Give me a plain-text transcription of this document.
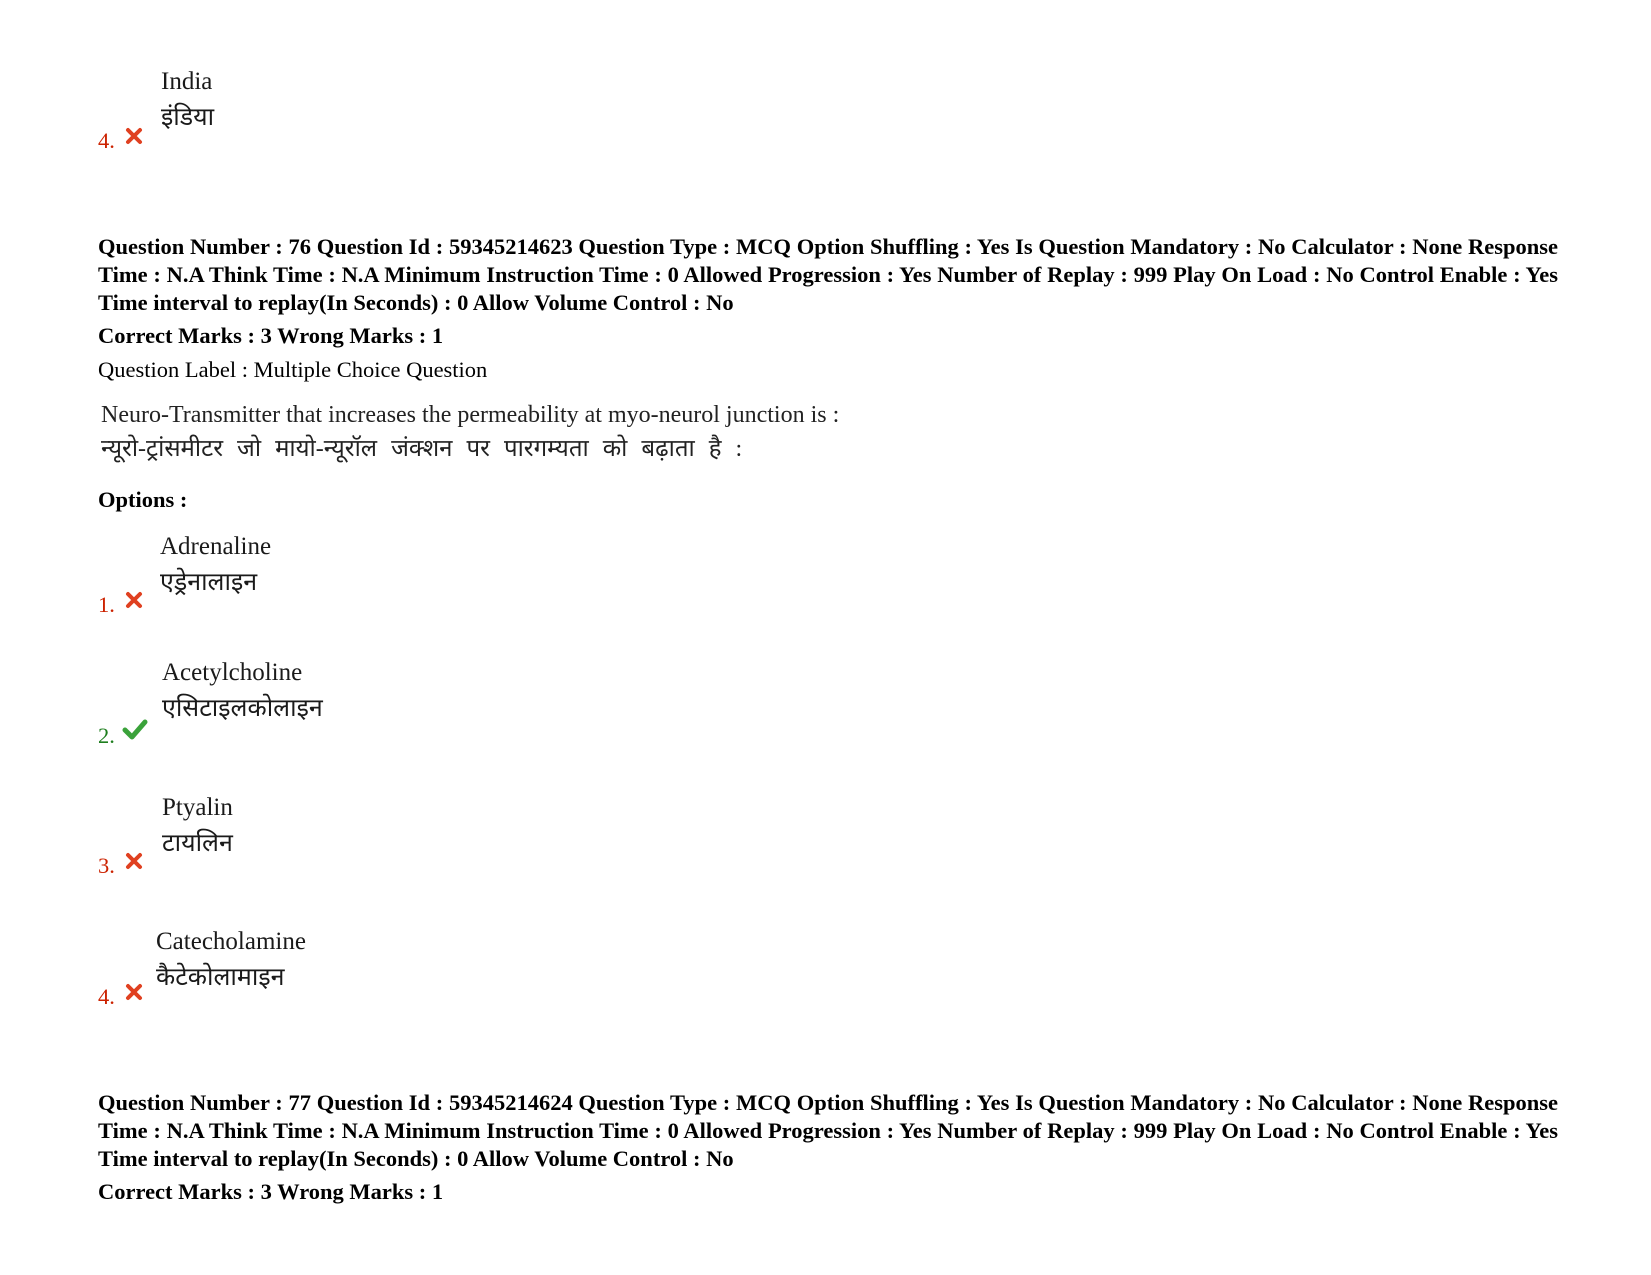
India
इंडिया
4.
Question Number : 76 Question Id : 59345214623 Question Type : MCQ Option Shuffling : Yes Is Question Mandatory : No Calculator : None Response Time : N.A Think Time : N.A Minimum Instruction Time : 0 Allowed Progression : Yes Number of Replay : 999 Play On Load : No Control Enable : Yes Time interval to replay(In Seconds) : 0 Allow Volume Control : No
Correct Marks : 3 Wrong Marks : 1
Question Label : Multiple Choice Question
Neuro-Transmitter that increases the permeability at myo-neurol junction is :
न्यूरो-ट्रांसमीटर जो मायो-न्यूरॉल जंक्शन पर पारगम्यता को बढ़ाता है :
Options :
Adrenaline
एड्रेनालाइन
1.
Acetylcholine
एसिटाइलकोलाइन
2.
Ptyalin
टायलिन
3.
Catecholamine
कैटेकोलामाइन
4.
Question Number : 77 Question Id : 59345214624 Question Type : MCQ Option Shuffling : Yes Is Question Mandatory : No Calculator : None Response Time : N.A Think Time : N.A Minimum Instruction Time : 0 Allowed Progression : Yes Number of Replay : 999 Play On Load : No Control Enable : Yes Time interval to replay(In Seconds) : 0 Allow Volume Control : No
Correct Marks : 3 Wrong Marks : 1
